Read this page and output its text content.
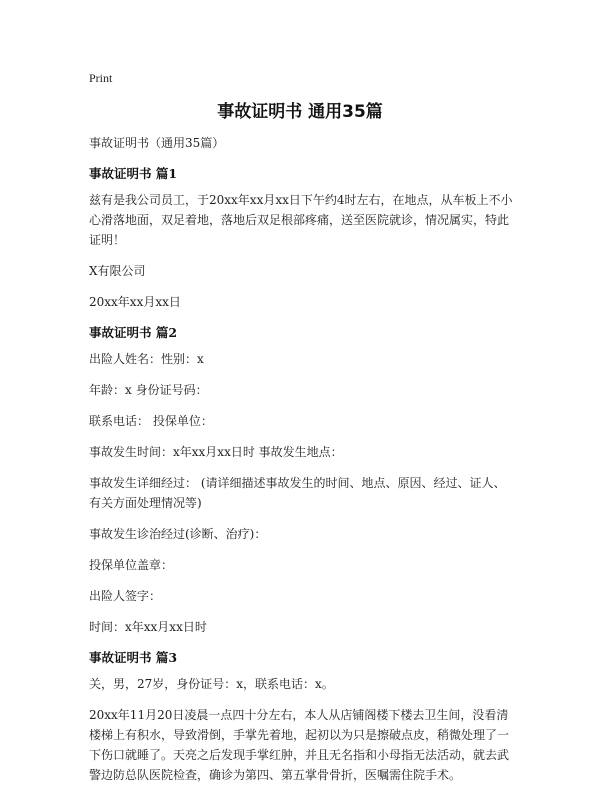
Print
事故证明书 通用35篇
事故证明书（通用35篇）
事故证明书 篇1
兹有是我公司员工，于20xx年xx月xx日下午约4时左右，在地点，从车板上不小心滑落地面，双足着地，落地后双足根部疼痛，送至医院就诊，情况属实，特此证明！
X有限公司
20xx年xx月xx日
事故证明书 篇2
出险人姓名：性别：x
年龄：x 身份证号码：
联系电话： 投保单位：
事故发生时间：x年xx月xx日时 事故发生地点：
事故发生详细经过： (请详细描述事故发生的时间、地点、原因、经过、证人、有关方面处理情况等)
事故发生诊治经过(诊断、治疗)：
投保单位盖章：
出险人签字：
时间：x年xx月xx日时
事故证明书 篇3
关，男，27岁，身份证号：x，联系电话：x。
20xx年11月20日凌晨一点四十分左右，本人从店铺阁楼下楼去卫生间，没看清楼梯上有积水，导致滑倒，手掌先着地，起初以为只是擦破点皮，稍微处理了一下伤口就睡了。天亮之后发现手掌红肿，并且无名指和小母指无法活动，就去武警边防总队医院检查，确诊为第四、第五掌骨骨折，医嘱需住院手术。
